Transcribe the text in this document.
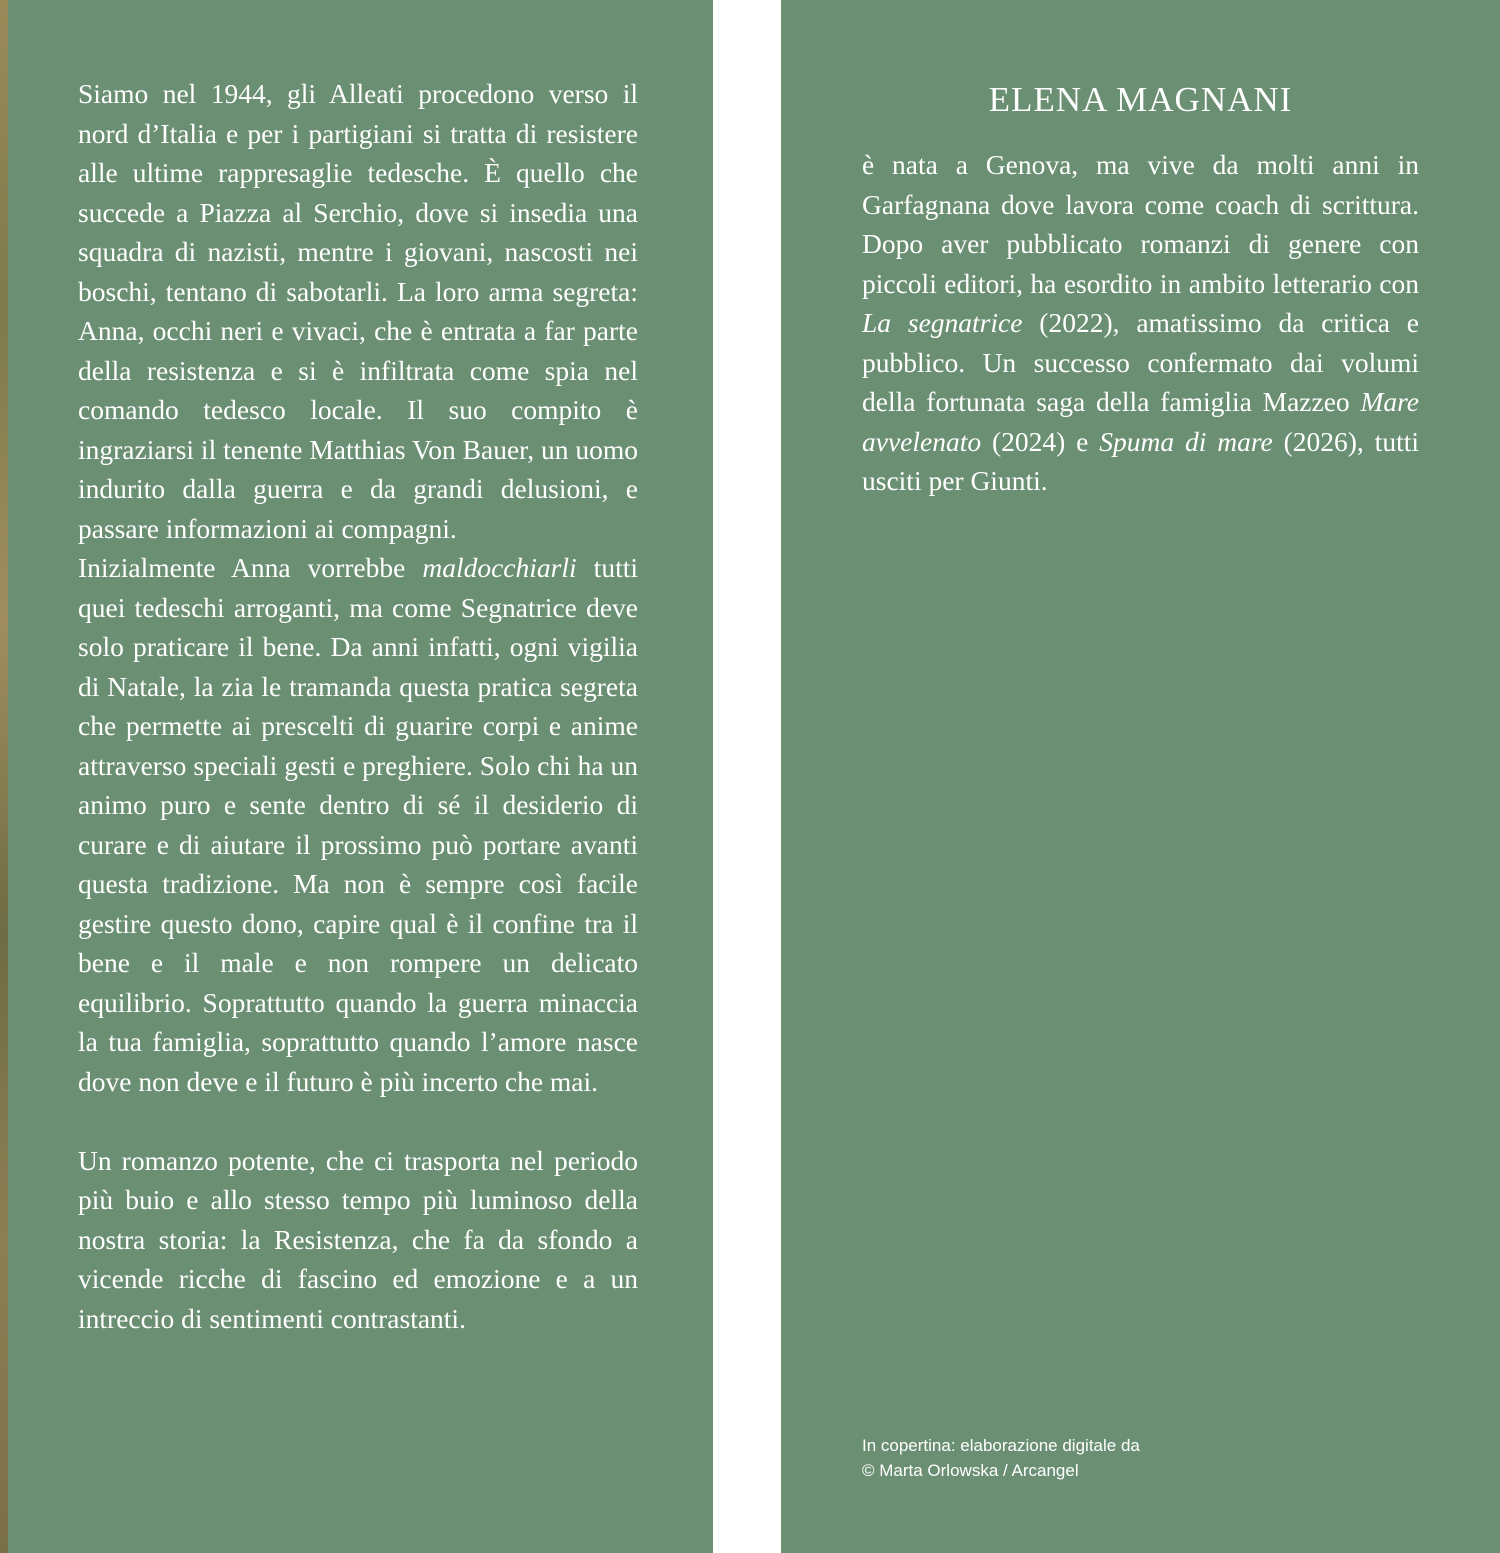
Siamo nel 1944, gli Alleati procedono verso il nord d’Italia e per i partigiani si tratta di resistere alle ultime rappresaglie tedesche. È quello che succede a Piazza al Serchio, dove si insedia una squadra di nazisti, mentre i giovani, nascosti nei boschi, tentano di sabotarli. La loro arma segreta: Anna, occhi neri e vivaci, che è entrata a far parte della resistenza e si è infiltrata come spia nel comando tedesco locale. Il suo compito è ingraziarsi il tenente Matthias Von Bauer, un uomo indurito dalla guerra e da grandi delusioni, e passare informazioni ai compagni.

Inizialmente Anna vorrebbe maldocchiarli tutti quei tedeschi arroganti, ma come Segnatrice deve solo praticare il bene. Da anni infatti, ogni vigilia di Natale, la zia le tramanda questa pratica segreta che permette ai prescelti di guarire corpi e anime attraverso speciali gesti e preghiere. Solo chi ha un animo puro e sente dentro di sé il desiderio di curare e di aiutare il prossimo può portare avanti questa tradizione. Ma non è sempre così facile gestire questo dono, capire qual è il confine tra il bene e il male e non rompere un delicato equilibrio. Soprattutto quando la guerra minaccia la tua famiglia, soprattutto quando l’amore nasce dove non deve e il futuro è più incerto che mai.

Un romanzo potente, che ci trasporta nel periodo più buio e allo stesso tempo più luminoso della nostra storia: la Resistenza, che fa da sfondo a vicende ricche di fascino ed emozione e a un intreccio di sentimenti contrastanti.

ELENA MAGNANI

è nata a Genova, ma vive da molti anni in Garfagnana dove lavora come coach di scrittura. Dopo aver pubblicato romanzi di genere con piccoli editori, ha esordito in ambito letterario con La segnatrice (2022), amatissimo da critica e pubblico. Un successo confermato dai volumi della fortunata saga della famiglia Mazzeo Mare avvelenato (2024) e Spuma di mare (2026), tutti usciti per Giunti.

In copertina: elaborazione digitale da
© Marta Orlowska / Arcangel
